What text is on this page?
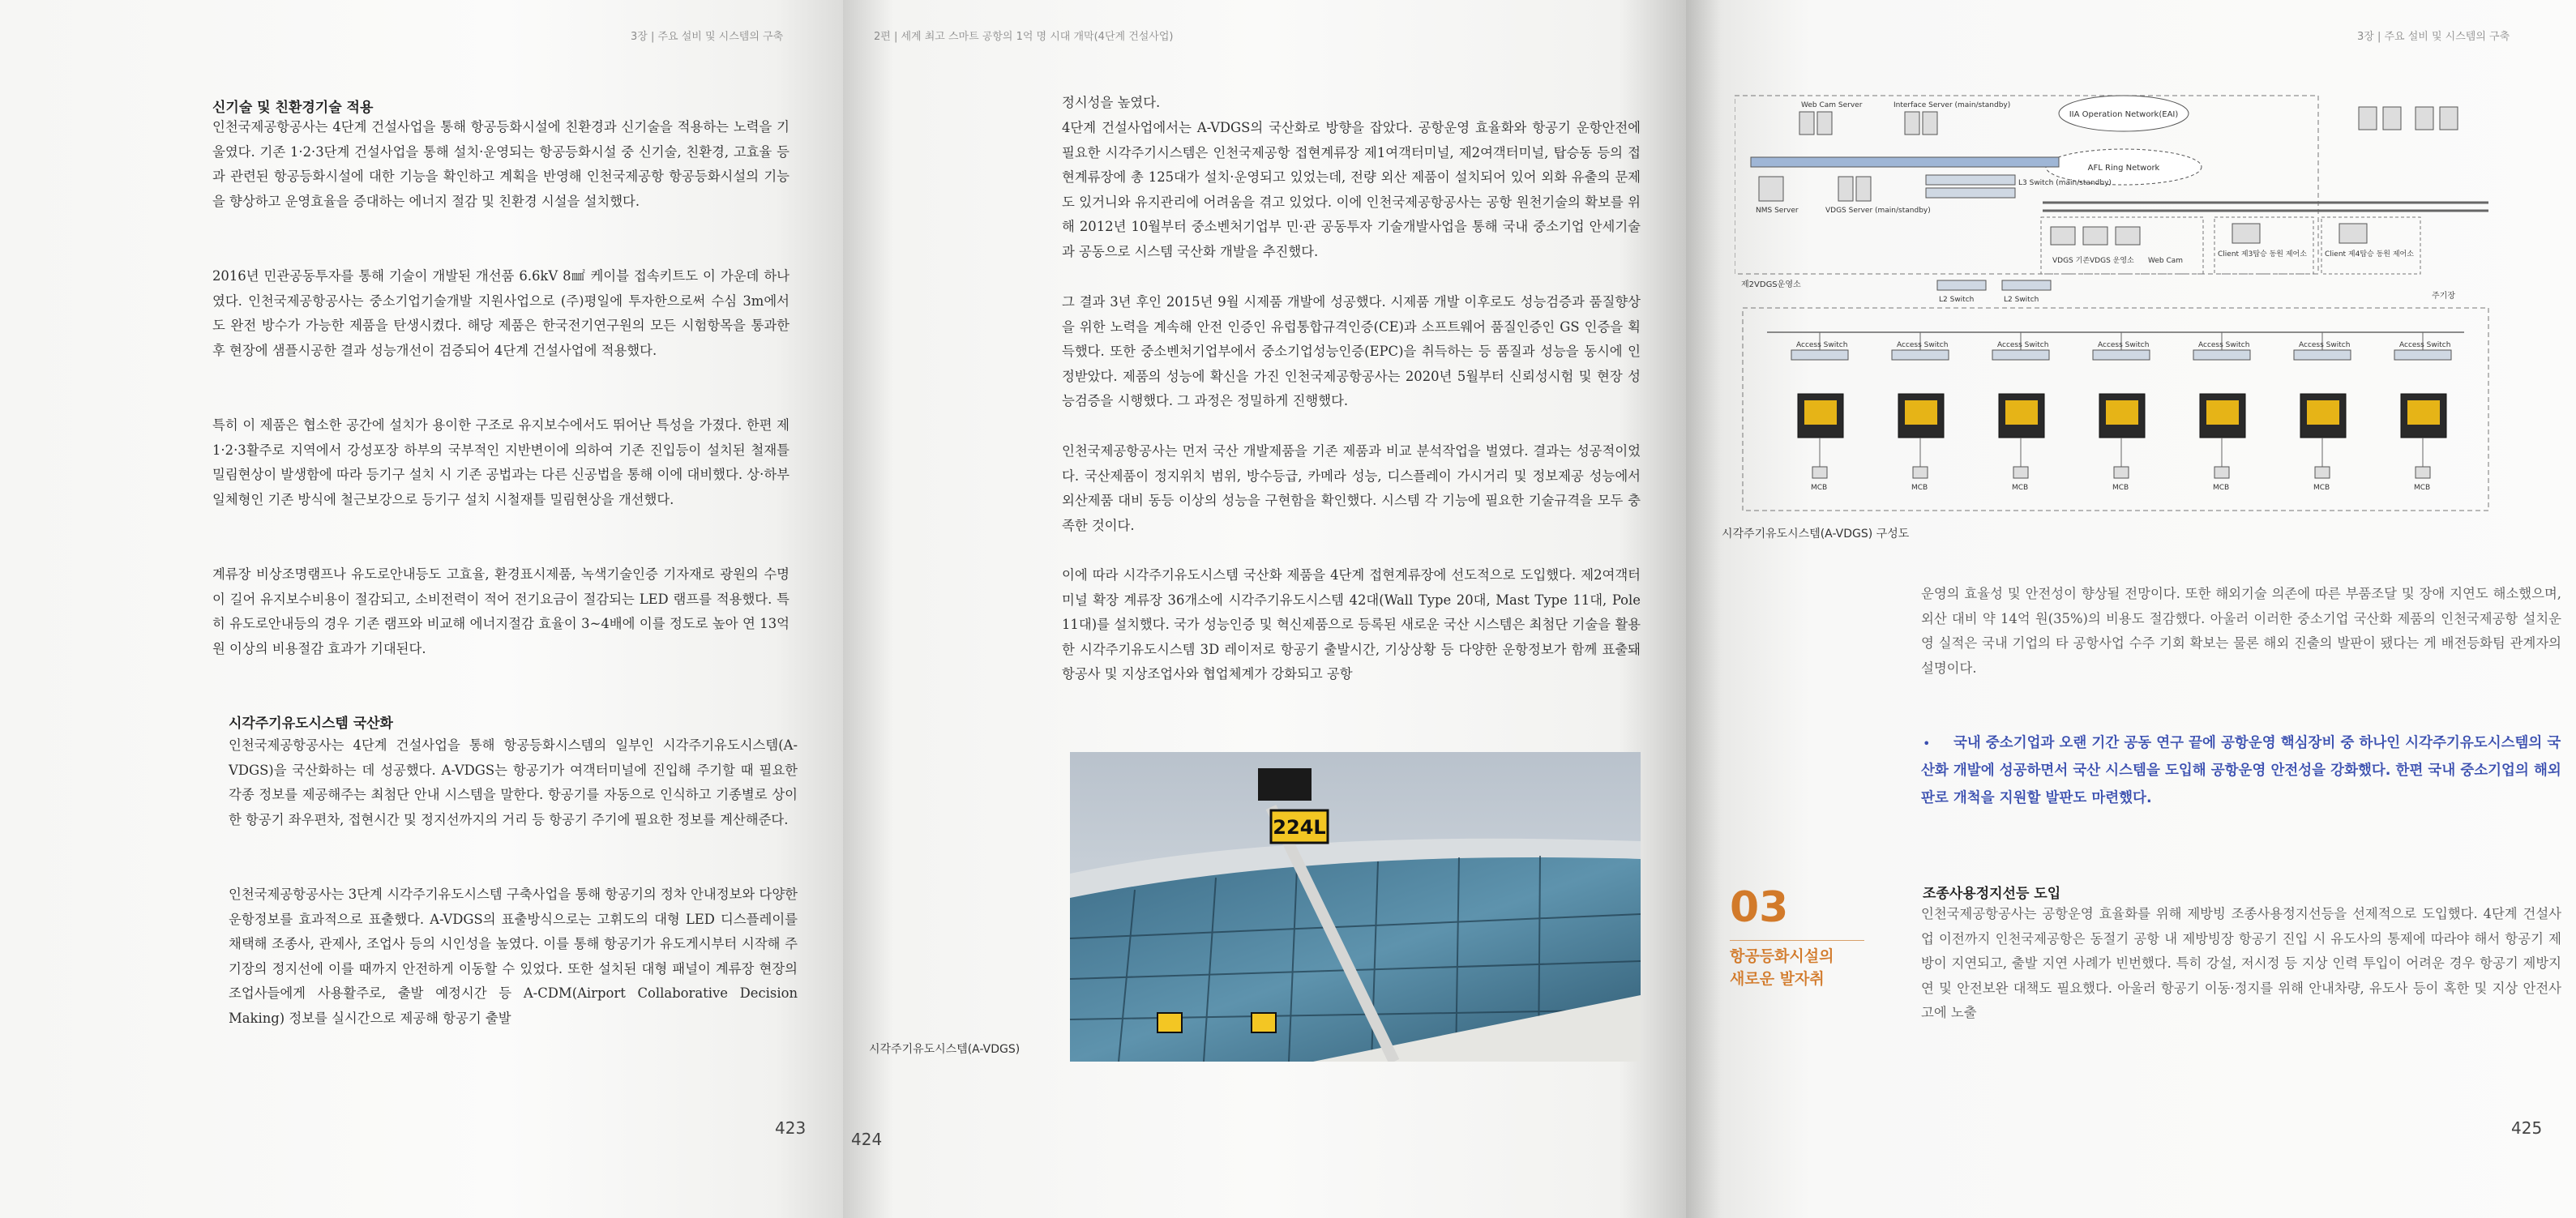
3장 | 주요 설비 및 시스템의 구축
신기술 및 친환경기술 적용

인천국제공항공사는 4단계 건설사업을 통해 항공등화시설에 친환경과 신기술을 적용하는 노력을 기울였다. 기존 1·2·3단계 건설사업을 통해 설치·운영되는 항공등화시설 중 신기술, 친환경, 고효율 등과 관련된 항공등화시설에 대한 기능을 확인하고 계획을 반영해 인천국제공항 항공등화시설의 기능을 향상하고 운영효율을 증대하는 에너지 절감 및 친환경 시설을 설치했다.

2016년 민관공동투자를 통해 기술이 개발된 개선품 6.6kV 8㎟ 케이블 접속키트도 이 가운데 하나였다. 인천국제공항공사는 중소기업기술개발 지원사업으로 (주)평일에 투자한으로써 수심 3m에서도 완전 방수가 가능한 제품을 탄생시켰다. 해당 제품은 한국전기연구원의 모든 시험항목을 통과한 후 현장에 샘플시공한 결과 성능개선이 검증되어 4단계 건설사업에 적용했다.

특히 이 제품은 협소한 공간에 설치가 용이한 구조로 유지보수에서도 뛰어난 특성을 가졌다. 한편 제1·2·3활주로 지역에서 강성포장 하부의 국부적인 지반변이에 의하여 기존 진입등이 설치된 철재틀 밀림현상이 발생함에 따라 등기구 설치 시 기존 공법과는 다른 신공법을 통해 이에 대비했다. 상·하부 일체형인 기존 방식에 철근보강으로 등기구 설치 시철재틀 밀림현상을 개선했다.

계류장 비상조명램프나 유도로안내등도 고효율, 환경표시제품, 녹색기술인증 기자재로 광원의 수명이 길어 유지보수비용이 절감되고, 소비전력이 적어 전기요금이 절감되는 LED 램프를 적용했다. 특히 유도로안내등의 경우 기존 램프와 비교해 에너지절감 효율이 3~4배에 이를 정도로 높아 연 13억 원 이상의 비용절감 효과가 기대된다.

시각주기유도시스템 국산화

인천국제공항공사는 4단계 건설사업을 통해 항공등화시스템의 일부인 시각주기유도시스템(A-VDGS)을 국산화하는 데 성공했다. A-VDGS는 항공기가 여객터미널에 진입해 주기할 때 필요한 각종 정보를 제공해주는 최첨단 안내 시스템을 말한다. 항공기를 자동으로 인식하고 기종별로 상이한 항공기 좌우편차, 접현시간 및 정지선까지의 거리 등 항공기 주기에 필요한 정보를 계산해준다.

인천국제공항공사는 3단계 시각주기유도시스템 구축사업을 통해 항공기의 정차 안내정보와 다양한 운항정보를 효과적으로 표출했다. A-VDGS의 표출방식으로는 고휘도의 대형 LED 디스플레이를 채택해 조종사, 관제사, 조업사 등의 시인성을 높였다. 이를 통해 항공기가 유도게시부터 시작해 주기장의 정지선에 이를 때까지 안전하게 이동할 수 있었다. 또한 설치된 대형 패널이 계류장 현장의 조업사들에게 사용활주로, 출발 예정시간 등 A-CDM(Airport Collaborative Decision Making) 정보를 실시간으로 제공해 항공기 출발

423
2편 | 세계 최고 스마트 공항의 1억 명 시대 개막(4단계 건설사업)

정시성을 높였다.

4단계 건설사업에서는 A-VDGS의 국산화로 방향을 잡았다. 공항운영 효율화와 항공기 운항안전에 필요한 시각주기시스템은 인천국제공항 접현계류장 제1여객터미널, 제2여객터미널, 탑승동 등의 접현계류장에 총 125대가 설치·운영되고 있었는데, 전량 외산 제품이 설치되어 있어 외화 유출의 문제도 있거니와 유지관리에 어려움을 겪고 있었다. 이에 인천국제공항공사는 공항 원천기술의 확보를 위해 2012년 10월부터 중소벤처기업부 민·관 공동투자 기술개발사업을 통해 국내 중소기업 안세기술과 공동으로 시스템 국산화 개발을 추진했다.

그 결과 3년 후인 2015년 9월 시제품 개발에 성공했다. 시제품 개발 이후로도 성능검증과 품질향상을 위한 노력을 계속해 안전 인증인 유럽통합규격인증(CE)과 소프트웨어 품질인증인 GS 인증을 획득했다. 또한 중소벤처기업부에서 중소기업성능인증(EPC)을 취득하는 등 품질과 성능을 동시에 인정받았다. 제품의 성능에 확신을 가진 인천국제공항공사는 2020년 5월부터 신뢰성시험 및 현장 성능검증을 시행했다. 그 과정은 정밀하게 진행했다.

인천국제공항공사는 먼저 국산 개발제품을 기존 제품과 비교 분석작업을 벌였다. 결과는 성공적이었다. 국산제품이 정지위치 범위, 방수등급, 카메라 성능, 디스플레이 가시거리 및 정보제공 성능에서 외산제품 대비 동등 이상의 성능을 구현함을 확인했다. 시스템 각 기능에 필요한 기술규격을 모두 충족한 것이다.

이에 따라 시각주기유도시스템 국산화 제품을 4단계 접현계류장에 선도적으로 도입했다. 제2여객터미널 확장 계류장 36개소에 시각주기유도시스템 42대(Wall Type 20대, Mast Type 11대, Pole 11대)를 설치했다. 국가 성능인증 및 혁신제품으로 등록된 새로운 국산 시스템은 최첨단 기술을 활용한 시각주기유도시스템 3D 레이저로 항공기 출발시간, 기상상황 등 다양한 운항정보가 함께 표출돼 항공사 및 지상조업사와 협업체계가 강화되고 공항

시각주기유도시스템(A-VDGS)
224L
424
3장 | 주요 설비 및 시스템의 구축
Web Cam Server	Interface Server (main/standby)
IIA Operation Network(EAI)
AFL Ring Network
L3 Switch (main/standby)
NMS Server	VDGS Server (main/standby)
VDGS 기존VDGS 운영소 Web Cam
Client 제3탑승 동원 제어소 Client 제4탑승 동원 제어소
제2VDGS운영소
L2 Switch	L2 Switch	주기장
Access Switch	Access Switch	Access Switch	Access Switch	Access Switch	Access Switch	Access Switch
MCB	MCB	MCB	MCB	MCB	MCB	MCB
시각주기유도시스템(A-VDGS) 구성도

운영의 효율성 및 안전성이 향상될 전망이다. 또한 해외기술 의존에 따른 부품조달 및 장애 지연도 해소했으며, 외산 대비 약 14억 원(35%)의 비용도 절감했다. 아울러 이러한 중소기업 국산화 제품의 인천국제공항 설치운영 실적은 국내 기업의 타 공항사업 수주 기회 확보는 물론 해외 진출의 발판이 됐다는 게 배전등화팀 관계자의 설명이다.

•	국내 중소기업과 오랜 기간 공동 연구 끝에 공항운영 핵심장비 중 하나인 시각주기유도시스템의 국산화 개발에 성공하면서 국산 시스템을 도입해 공항운영 안전성을 강화했다. 한편 국내 중소기업의 해외 판로 개척을 지원할 발판도 마련했다.

03

항공등화시설의
새로운 발자취

조종사용정지선등 도입

인천국제공항공사는 공항운영 효율화를 위해 제방빙 조종사용정지선등을 선제적으로 도입했다. 4단계 건설사업 이전까지 인천국제공항은 동절기 공항 내 제방빙장 항공기 진입 시 유도사의 통제에 따라야 해서 항공기 제방이 지연되고, 출발 지연 사례가 빈번했다. 특히 강설, 저시정 등 지상 인력 투입이 어려운 경우 항공기 제방지연 및 안전보완 대책도 필요했다. 아울러 항공기 이동·정지를 위해 안내차량, 유도사 등이 혹한 및 지상 안전사고에 노출

425
